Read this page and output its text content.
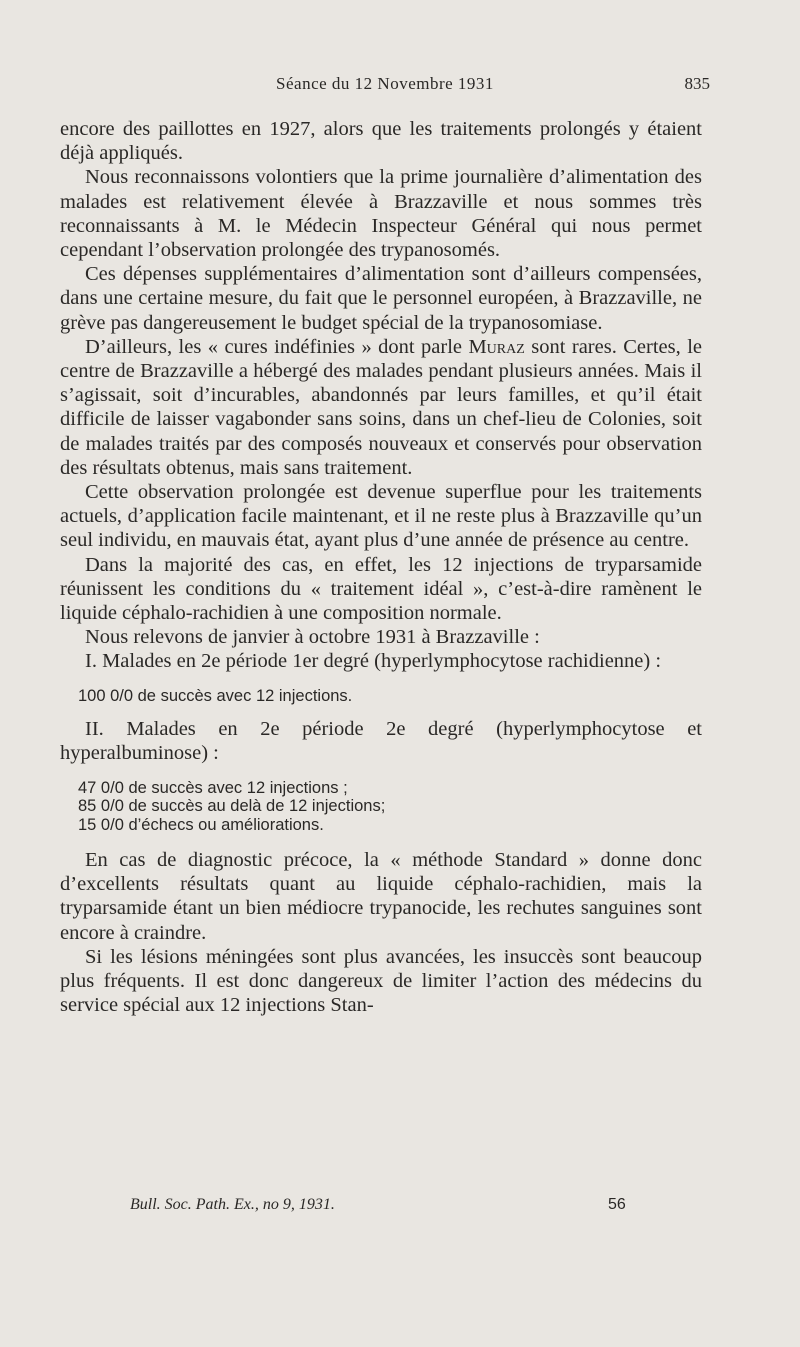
Séance du 12 Novembre 1931	835

encore des paillottes en 1927, alors que les traitements prolongés y étaient déjà appliqués.

Nous reconnaissons volontiers que la prime journalière d’alimentation des malades est relativement élevée à Brazzaville et nous sommes très reconnaissants à M. le Médecin Inspecteur Général qui nous permet cependant l’observation prolongée des trypanosomés.

Ces dépenses supplémentaires d’alimentation sont d’ailleurs compensées, dans une certaine mesure, du fait que le personnel européen, à Brazzaville, ne grève pas dangereusement le budget spécial de la trypanosomiase.

D’ailleurs, les « cures indéfinies » dont parle Muraz sont rares. Certes, le centre de Brazzaville a hébergé des malades pendant plusieurs années. Mais il s’agissait, soit d’incurables, abandonnés par leurs familles, et qu’il était difficile de laisser vagabonder sans soins, dans un chef-lieu de Colonies, soit de malades traités par des composés nouveaux et conservés pour observation des résultats obtenus, mais sans traitement.

Cette observation prolongée est devenue superflue pour les traitements actuels, d’application facile maintenant, et il ne reste plus à Brazzaville qu’un seul individu, en mauvais état, ayant plus d’une année de présence au centre.

Dans la majorité des cas, en effet, les 12 injections de tryparsamide réunissent les conditions du « traitement idéal », c’est-à-dire ramènent le liquide céphalo-rachidien à une composition normale.

Nous relevons de janvier à octobre 1931 à Brazzaville :

I. Malades en 2e période 1er degré (hyperlymphocytose rachidienne) :

100 0/0 de succès avec 12 injections.

II. Malades en 2e période 2e degré (hyperlymphocytose et hyperalbuminose) :

47 0/0 de succès avec 12 injections ;
85 0/0 de succès au delà de 12 injections;
15 0/0 d’échecs ou améliorations.

En cas de diagnostic précoce, la « méthode Standard » donne donc d’excellents résultats quant au liquide céphalo-rachidien, mais la tryparsamide étant un bien médiocre trypanocide, les rechutes sanguines sont encore à craindre.

Si les lésions méningées sont plus avancées, les insuccès sont beaucoup plus fréquents. Il est donc dangereux de limiter l’action des médecins du service spécial aux 12 injections Stan-

Bull. Soc. Path. Ex., no 9, 1931.	56
